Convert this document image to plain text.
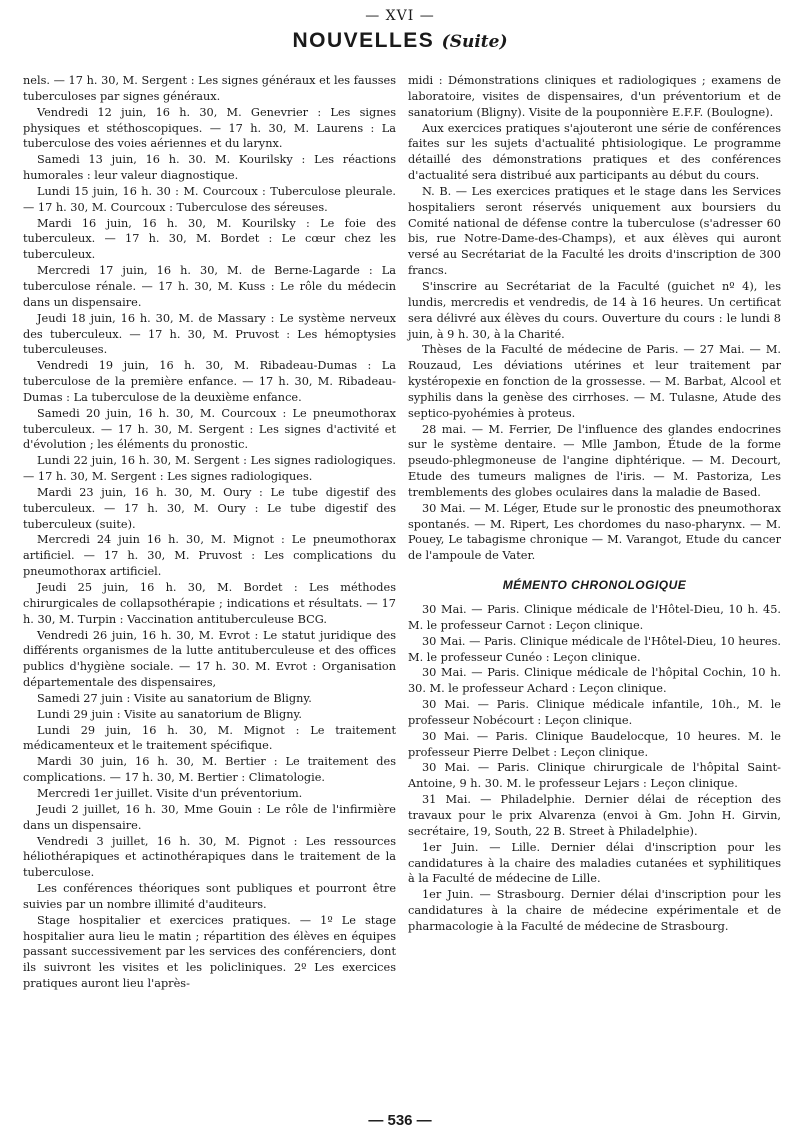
— XVI —
NOUVELLES (Suite)

nels. — 17 h. 30, M. Sergent : Les signes généraux et les fausses tuberculoses par signes généraux.

Vendredi 12 juin, 16 h. 30, M. Genevrier : Les signes physiques et stéthoscopiques. — 17 h. 30, M. Laurens : La tuberculose des voies aériennes et du larynx.

Samedi 13 juin, 16 h. 30. M. Kourilsky : Les réactions humorales : leur valeur diagnostique.

Lundi 15 juin, 16 h. 30 : M. Courcoux : Tuberculose pleurale. — 17 h. 30, M. Courcoux : Tuberculose des séreuses.

Mardi 16 juin, 16 h. 30, M. Kourilsky : Le foie des tuberculeux. — 17 h. 30, M. Bordet : Le cœur chez les tuberculeux.

Mercredi 17 juin, 16 h. 30, M. de Berne-Lagarde : La tuberculose rénale. — 17 h. 30, M. Kuss : Le rôle du médecin dans un dispensaire.

Jeudi 18 juin, 16 h. 30, M. de Massary : Le système nerveux des tuberculeux. — 17 h. 30, M. Pruvost : Les hémoptysies tuberculeuses.

Vendredi 19 juin, 16 h. 30, M. Ribadeau-Dumas : La tuberculose de la première enfance. — 17 h. 30, M. Ribadeau-Dumas : La tuberculose de la deuxième enfance.

Samedi 20 juin, 16 h. 30, M. Courcoux : Le pneumothorax tuberculeux. — 17 h. 30, M. Sergent : Les signes d'activité et d'évolution ; les éléments du pronostic.

Lundi 22 juin, 16 h. 30, M. Sergent : Les signes radiologiques. — 17 h. 30, M. Sergent : Les signes radiologiques.

Mardi 23 juin, 16 h. 30, M. Oury : Le tube digestif des tuberculeux. — 17 h. 30, M. Oury : Le tube digestif des tuberculeux (suite).

Mercredi 24 juin 16 h. 30, M. Mignot : Le pneumothorax artificiel. — 17 h. 30, M. Pruvost : Les complications du pneumothorax artificiel.

Jeudi 25 juin, 16 h. 30, M. Bordet : Les méthodes chirurgicales de collapsothérapie ; indications et résultats. — 17 h. 30, M. Turpin : Vaccination antituberculeuse BCG.

Vendredi 26 juin, 16 h. 30, M. Evrot : Le statut juridique des différents organismes de la lutte antituberculeuse et des offices publics d'hygiène sociale. — 17 h. 30. M. Evrot : Organisation départementale des dispensaires,

Samedi 27 juin : Visite au sanatorium de Bligny.

Lundi 29 juin : Visite au sanatorium de Bligny.

Lundi 29 juin, 16 h. 30, M. Mignot : Le traitement médicamenteux et le traitement spécifique.

Mardi 30 juin, 16 h. 30, M. Bertier : Le traitement des complications. — 17 h. 30, M. Bertier : Climatologie.

Mercredi 1er juillet. Visite d'un préventorium.

Jeudi 2 juillet, 16 h. 30, Mme Gouin : Le rôle de l'infirmière dans un dispensaire.

Vendredi 3 juillet, 16 h. 30, M. Pignot : Les ressources héliothérapiques et actinothérapiques dans le traitement de la tuberculose.

Les conférences théoriques sont publiques et pourront être suivies par un nombre illimité d'auditeurs.

Stage hospitalier et exercices pratiques. — 1º Le stage hospitalier aura lieu le matin ; répartition des élèves en équipes passant successivement par les services des conférenciers, dont ils suivront les visites et les policliniques. 2º Les exercices pratiques auront lieu l'après-

midi : Démonstrations cliniques et radiologiques ; examens de laboratoire, visites de dispensaires, d'un préventorium et de sanatorium (Bligny). Visite de la pouponnière E.F.F. (Boulogne).

Aux exercices pratiques s'ajouteront une série de conférences faites sur les sujets d'actualité phtisiologique. Le programme détaillé des démonstrations pratiques et des conférences d'actualité sera distribué aux participants au début du cours.

N. B. — Les exercices pratiques et le stage dans les Services hospitaliers seront réservés uniquement aux boursiers du Comité national de défense contre la tuberculose (s'adresser 60 bis, rue Notre-Dame-des-Champs), et aux élèves qui auront versé au Secrétariat de la Faculté les droits d'inscription de 300 francs.

S'inscrire au Secrétariat de la Faculté (guichet nº 4), les lundis, mercredis et vendredis, de 14 à 16 heures. Un certificat sera délivré aux élèves du cours. Ouverture du cours : le lundi 8 juin, à 9 h. 30, à la Charité.

Thèses de la Faculté de médecine de Paris. — 27 Mai. — M. Rouzaud, Les déviations utérines et leur traitement par kystéropexie en fonction de la grossesse. — M. Barbat, Alcool et syphilis dans la genèse des cirrhoses. — M. Tulasne, Atude des septico-pyohémies à proteus.

28 mai. — M. Ferrier, De l'influence des glandes endocrines sur le système dentaire. — Mlle Jambon, Étude de la forme pseudo-phlegmoneuse de l'angine diphtérique. — M. Decourt, Etude des tumeurs malignes de l'iris. — M. Pastoriza, Les tremblements des globes oculaires dans la maladie de Based.

30 Mai. — M. Léger, Etude sur le pronostic des pneumothorax spontanés. — M. Ripert, Les chordomes du naso-pharynx. — M. Pouey, Le tabagisme chronique — M. Varangot, Etude du cancer de l'ampoule de Vater.

MÉMENTO CHRONOLOGIQUE

30 Mai. — Paris. Clinique médicale de l'Hôtel-Dieu, 10 h. 45. M. le professeur Carnot : Leçon clinique.

30 Mai. — Paris. Clinique médicale de l'Hôtel-Dieu, 10 heures. M. le professeur Cunéo : Leçon clinique.

30 Mai. — Paris. Clinique médicale de l'hôpital Cochin, 10 h. 30. M. le professeur Achard : Leçon clinique.

30 Mai. — Paris. Clinique médicale infantile, 10h., M. le professeur Nobécourt : Leçon clinique.

30 Mai. — Paris. Clinique Baudelocque, 10 heures. M. le professeur Pierre Delbet : Leçon clinique.

30 Mai. — Paris. Clinique chirurgicale de l'hôpital Saint-Antoine, 9 h. 30. M. le professeur Lejars : Leçon clinique.

31 Mai. — Philadelphie. Dernier délai de réception des travaux pour le prix Alvarenza (envoi à Gm. John H. Girvin, secrétaire, 19, South, 22 B. Street à Philadelphie).

1er Juin. — Lille. Dernier délai d'inscription pour les candidatures à la chaire des maladies cutanées et syphilitiques à la Faculté de médecine de Lille.

1er Juin. — Strasbourg. Dernier délai d'inscription pour les candidatures à la chaire de médecine expérimentale et de pharmacologie à la Faculté de médecine de Strasbourg.

— 536 —
